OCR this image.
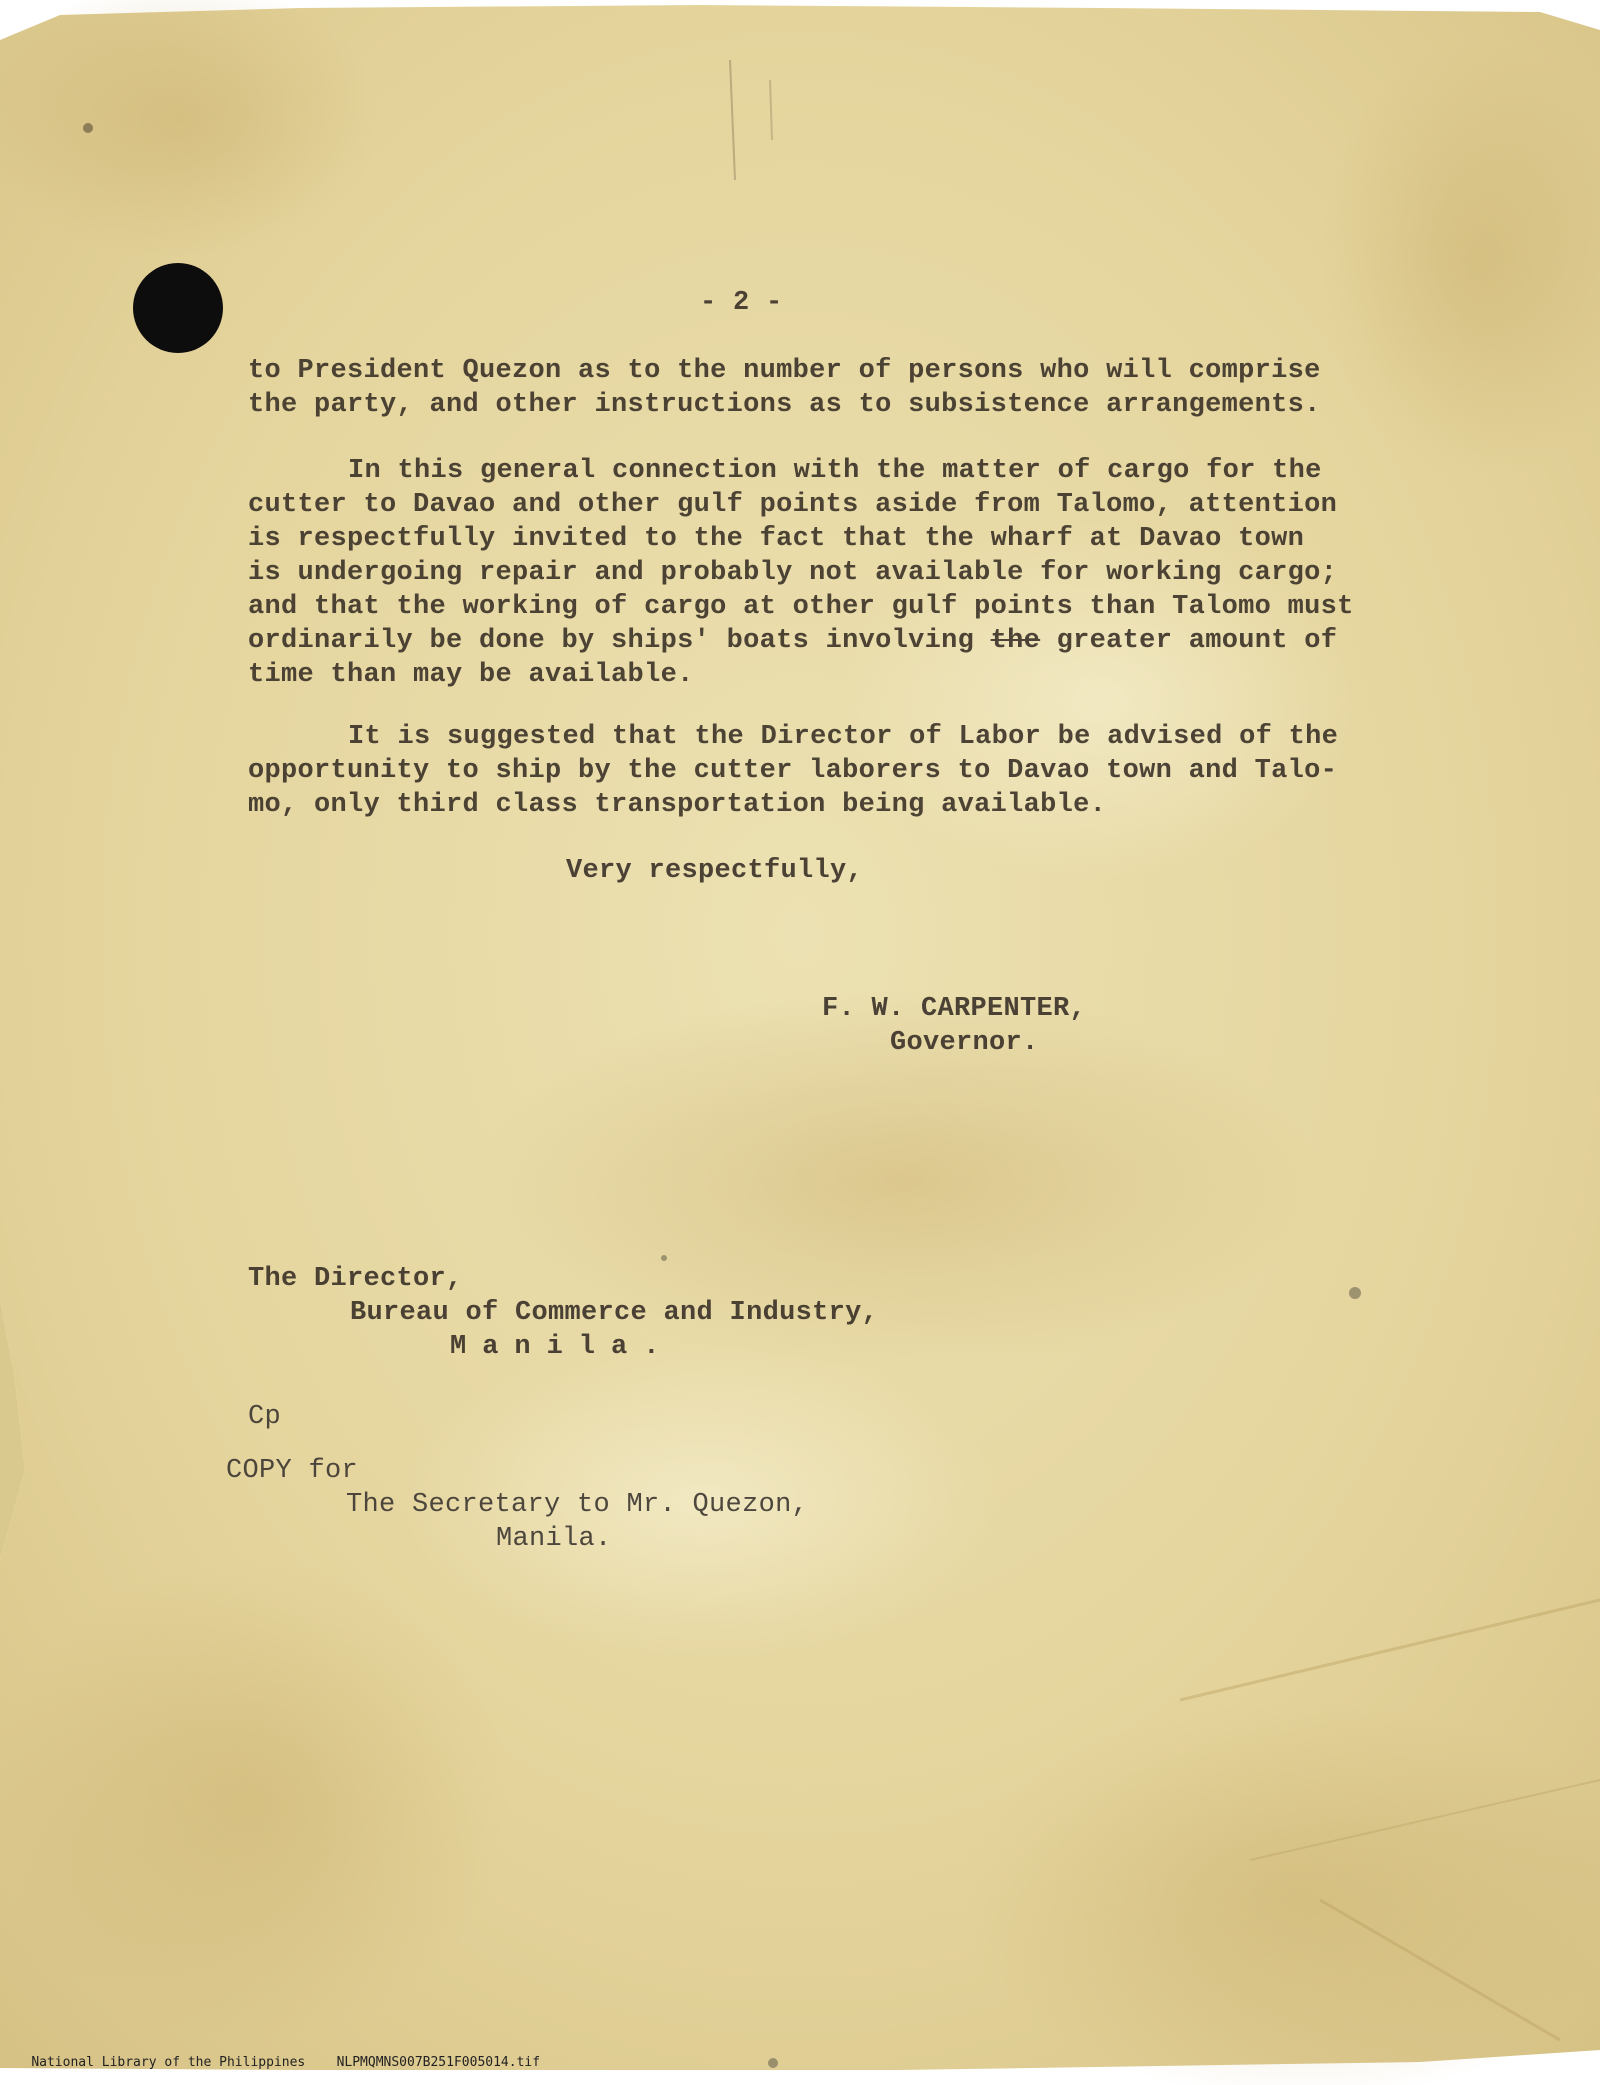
- 2 -

to President Quezon as to the number of persons who will comprise

the party, and other instructions as to subsistence arrangements.

In this general connection with the matter of cargo for the

cutter to Davao and other gulf points aside from Talomo, attention

is respectfully invited to the fact that the wharf at Davao town

is undergoing repair and probably not available for working cargo;

and that the working of cargo at other gulf points than Talomo must

ordinarily be done by ships' boats involving the greater amount of

time than may be available.

It is suggested that the Director of Labor be advised of the

opportunity to ship by the cutter laborers to Davao town and Talo-

mo, only third class transportation being available.

Very respectfully,
F. W. CARPENTER,
Governor.
The Director,
Bureau of Commerce and Industry,
Manila.
Cp
COPY for
The Secretary to Mr. Quezon,
Manila.

National Library of the Philippines NLPMQMNS007B251F005014.tif
